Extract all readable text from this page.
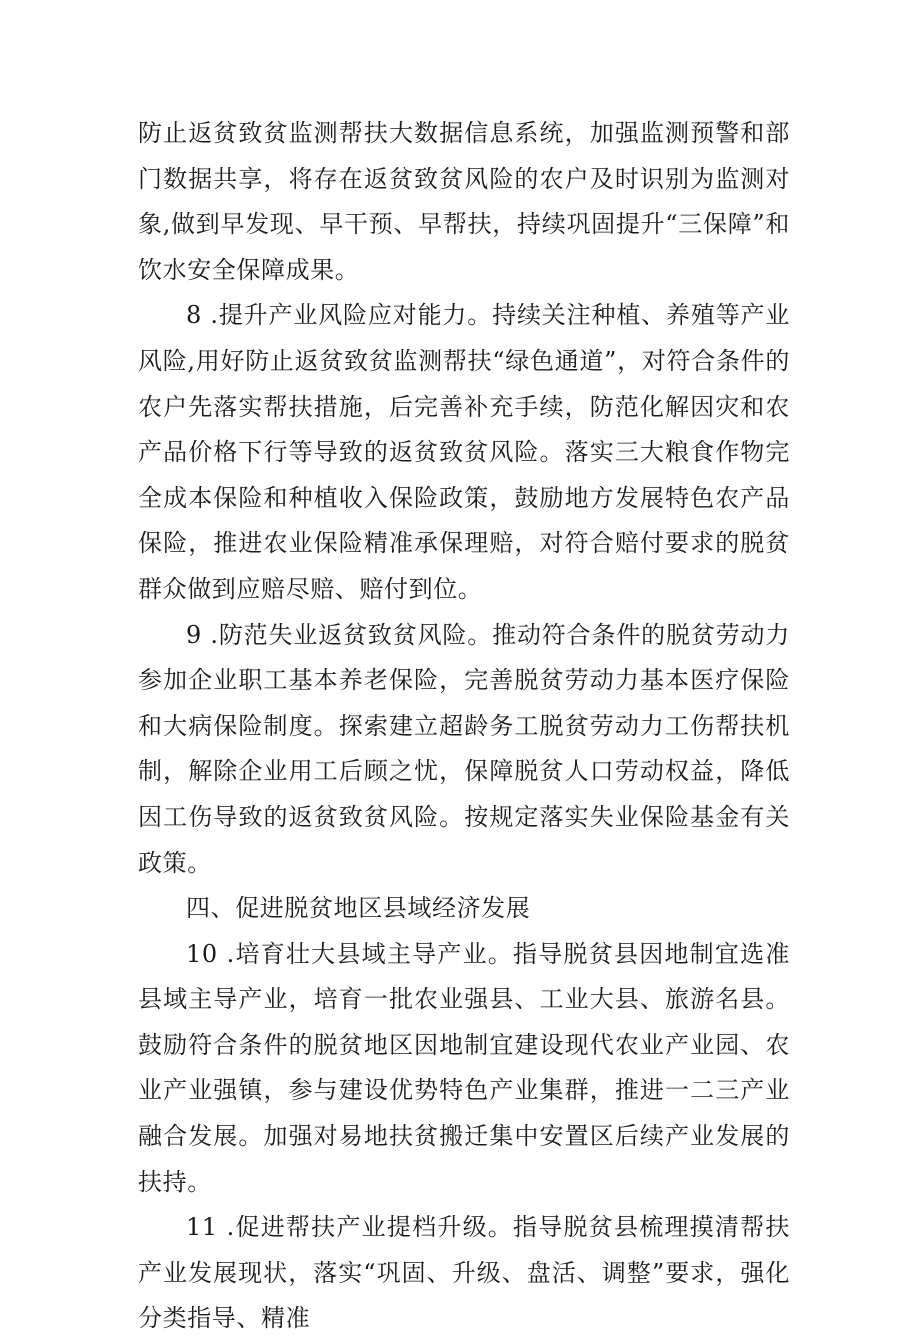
防止返贫致贫监测帮扶大数据信息系统，加强监测预警和部门数据共享，将存在返贫致贫风险的农户及时识别为监测对象,做到早发现、早干预、早帮扶，持续巩固提升“三保障”和饮水安全保障成果。

8 .提升产业风险应对能力。持续关注种植、养殖等产业风险,用好防止返贫致贫监测帮扶“绿色通道”，对符合条件的农户先落实帮扶措施，后完善补充手续，防范化解因灾和农产品价格下行等导致的返贫致贫风险。落实三大粮食作物完全成本保险和种植收入保险政策，鼓励地方发展特色农产品保险，推进农业保险精准承保理赔，对符合赔付要求的脱贫群众做到应赔尽赔、赔付到位。

9 .防范失业返贫致贫风险。推动符合条件的脱贫劳动力参加企业职工基本养老保险，完善脱贫劳动力基本医疗保险和大病保险制度。探索建立超龄务工脱贫劳动力工伤帮扶机制，解除企业用工后顾之忧，保障脱贫人口劳动权益，降低因工伤导致的返贫致贫风险。按规定落实失业保险基金有关政策。

四、促进脱贫地区县域经济发展

10 .培育壮大县域主导产业。指导脱贫县因地制宜选准县域主导产业，培育一批农业强县、工业大县、旅游名县。鼓励符合条件的脱贫地区因地制宜建设现代农业产业园、农业产业强镇，参与建设优势特色产业集群，推进一二三产业融合发展。加强对易地扶贫搬迁集中安置区后续产业发展的扶持。

11 .促进帮扶产业提档升级。指导脱贫县梳理摸清帮扶产业发展现状，落实“巩固、升级、盘活、调整”要求，强化分类指导、精准
